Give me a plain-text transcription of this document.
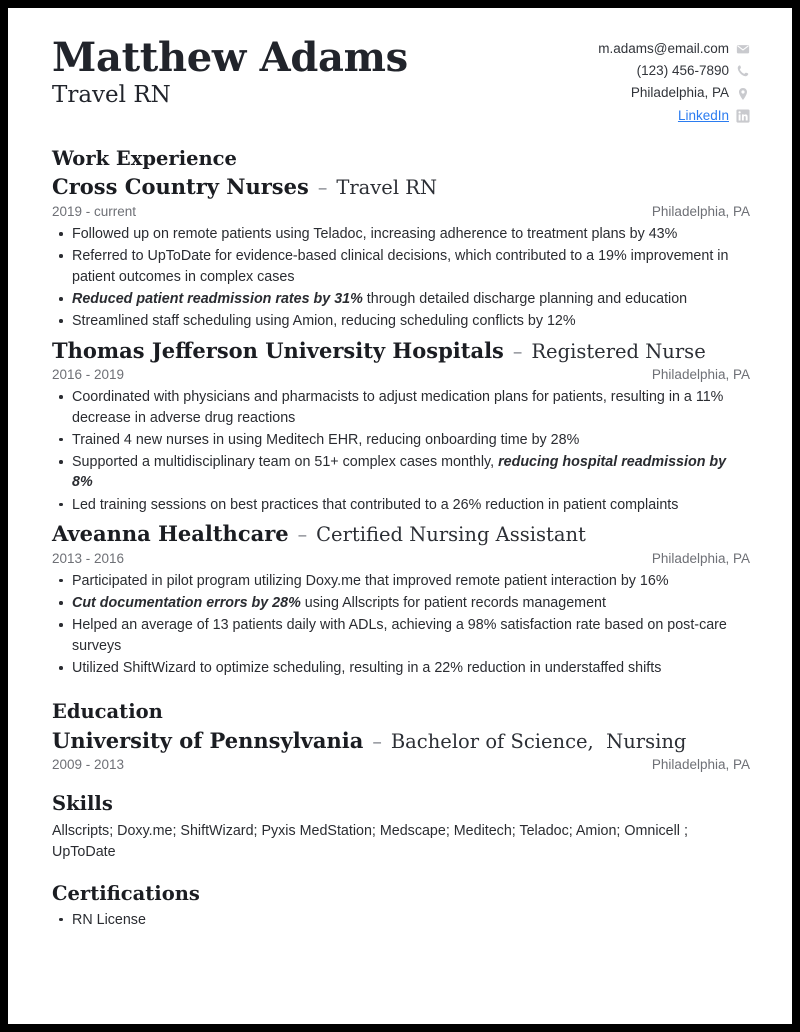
Matthew Adams
Travel RN
m.adams@email.com
(123) 456-7890
Philadelphia, PA
LinkedIn
Work Experience
Cross Country Nurses – Travel RN
2019 - current	Philadelphia, PA
Followed up on remote patients using Teladoc, increasing adherence to treatment plans by 43%
Referred to UpToDate for evidence-based clinical decisions, which contributed to a 19% improvement in patient outcomes in complex cases
Reduced patient readmission rates by 31% through detailed discharge planning and education
Streamlined staff scheduling using Amion, reducing scheduling conflicts by 12%
Thomas Jefferson University Hospitals – Registered Nurse
2016 - 2019	Philadelphia, PA
Coordinated with physicians and pharmacists to adjust medication plans for patients, resulting in a 11% decrease in adverse drug reactions
Trained 4 new nurses in using Meditech EHR, reducing onboarding time by 28%
Supported a multidisciplinary team on 51+ complex cases monthly, reducing hospital readmission by 8%
Led training sessions on best practices that contributed to a 26% reduction in patient complaints
Aveanna Healthcare – Certified Nursing Assistant
2013 - 2016	Philadelphia, PA
Participated in pilot program utilizing Doxy.me that improved remote patient interaction by 16%
Cut documentation errors by 28% using Allscripts for patient records management
Helped an average of 13 patients daily with ADLs, achieving a 98% satisfaction rate based on post-care surveys
Utilized ShiftWizard to optimize scheduling, resulting in a 22% reduction in understaffed shifts
Education
University of Pennsylvania – Bachelor of Science,  Nursing
2009 - 2013	Philadelphia, PA
Skills
Allscripts; Doxy.me; ShiftWizard; Pyxis MedStation; Medscape; Meditech; Teladoc; Amion; Omnicell ; UpToDate
Certifications
RN License
